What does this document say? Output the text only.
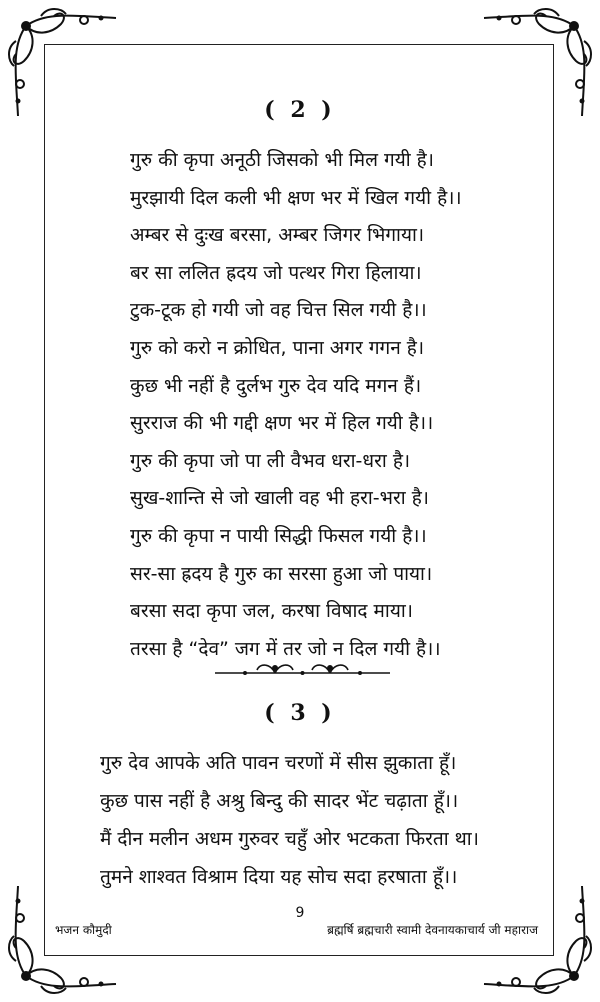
( 2 )
गुरु की कृपा अनूठी जिसको भी मिल गयी है।
मुरझायी दिल कली भी क्षण भर में खिल गयी है।।
अम्बर से दुःख बरसा, अम्बर जिगर भिगाया।
बर सा ललित ह्रदय जो पत्थर गिरा हिलाया।
टुक-टूक हो गयी जो वह चित्त सिल गयी है।।
गुरु को करो न क्रोधित, पाना अगर गगन है।
कुछ भी नहीं है दुर्लभ गुरु देव यदि मगन हैं।
सुरराज की भी गद्दी क्षण भर में हिल गयी है।।
गुरु की कृपा जो पा ली वैभव धरा-धरा है।
सुख-शान्ति से जो खाली वह भी हरा-भरा है।
गुरु की कृपा न पायी सिद्धी फिसल गयी है।।
सर-सा ह्रदय है गुरु का सरसा हुआ जो पाया।
बरसा सदा कृपा जल, करषा विषाद माया।
तरसा है “देव” जग में तर जो न दिल गयी है।।
( 3 )
गुरु देव आपके अति पावन चरणों में सीस झुकाता हूँ।
कुछ पास नहीं है अश्रु बिन्दु की सादर भेंट चढ़ाता हूँ।।
मैं दीन मलीन अधम गुरुवर चहुँ ओर भटकता फिरता था।
तुमने शाश्वत विश्राम दिया यह सोच सदा हरषाता हूँ।।
भजन कौमुदी
9
ब्रह्मर्षि ब्रह्मचारी स्वामी देवनायकाचार्य जी महाराज
